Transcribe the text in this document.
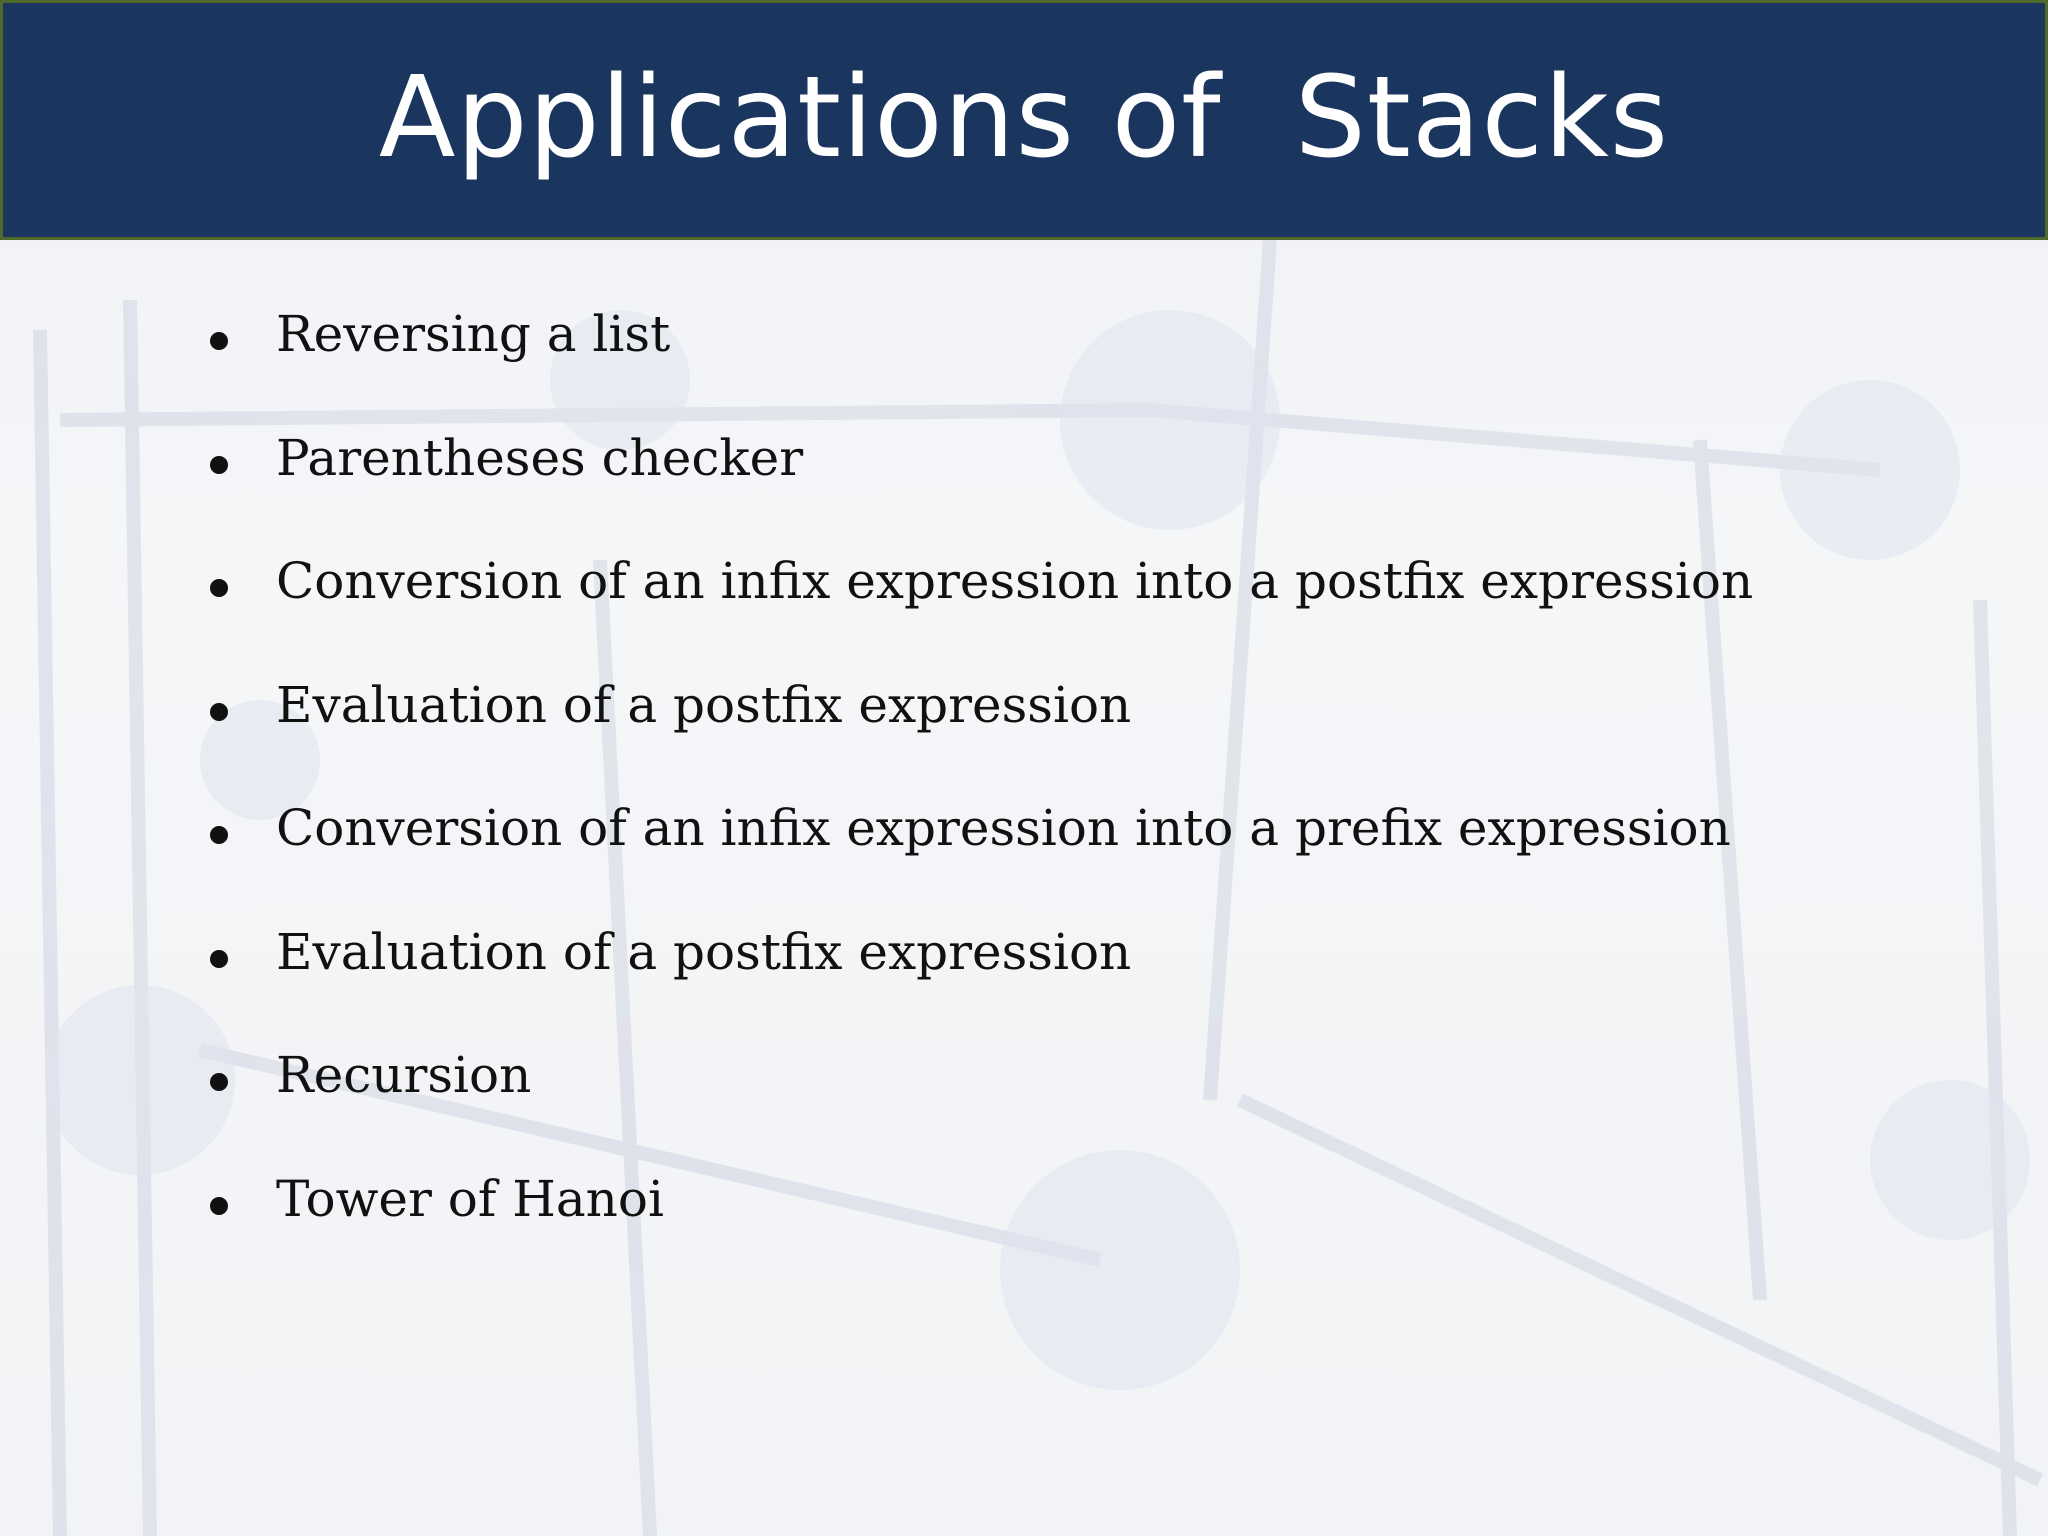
Applications of  Stacks
Reversing a list
Parentheses checker
Conversion of an infix expression into a postfix expression
Evaluation of a postfix expression
Conversion of an infix expression into a prefix expression
Evaluation of a postfix expression
Recursion
Tower of Hanoi
